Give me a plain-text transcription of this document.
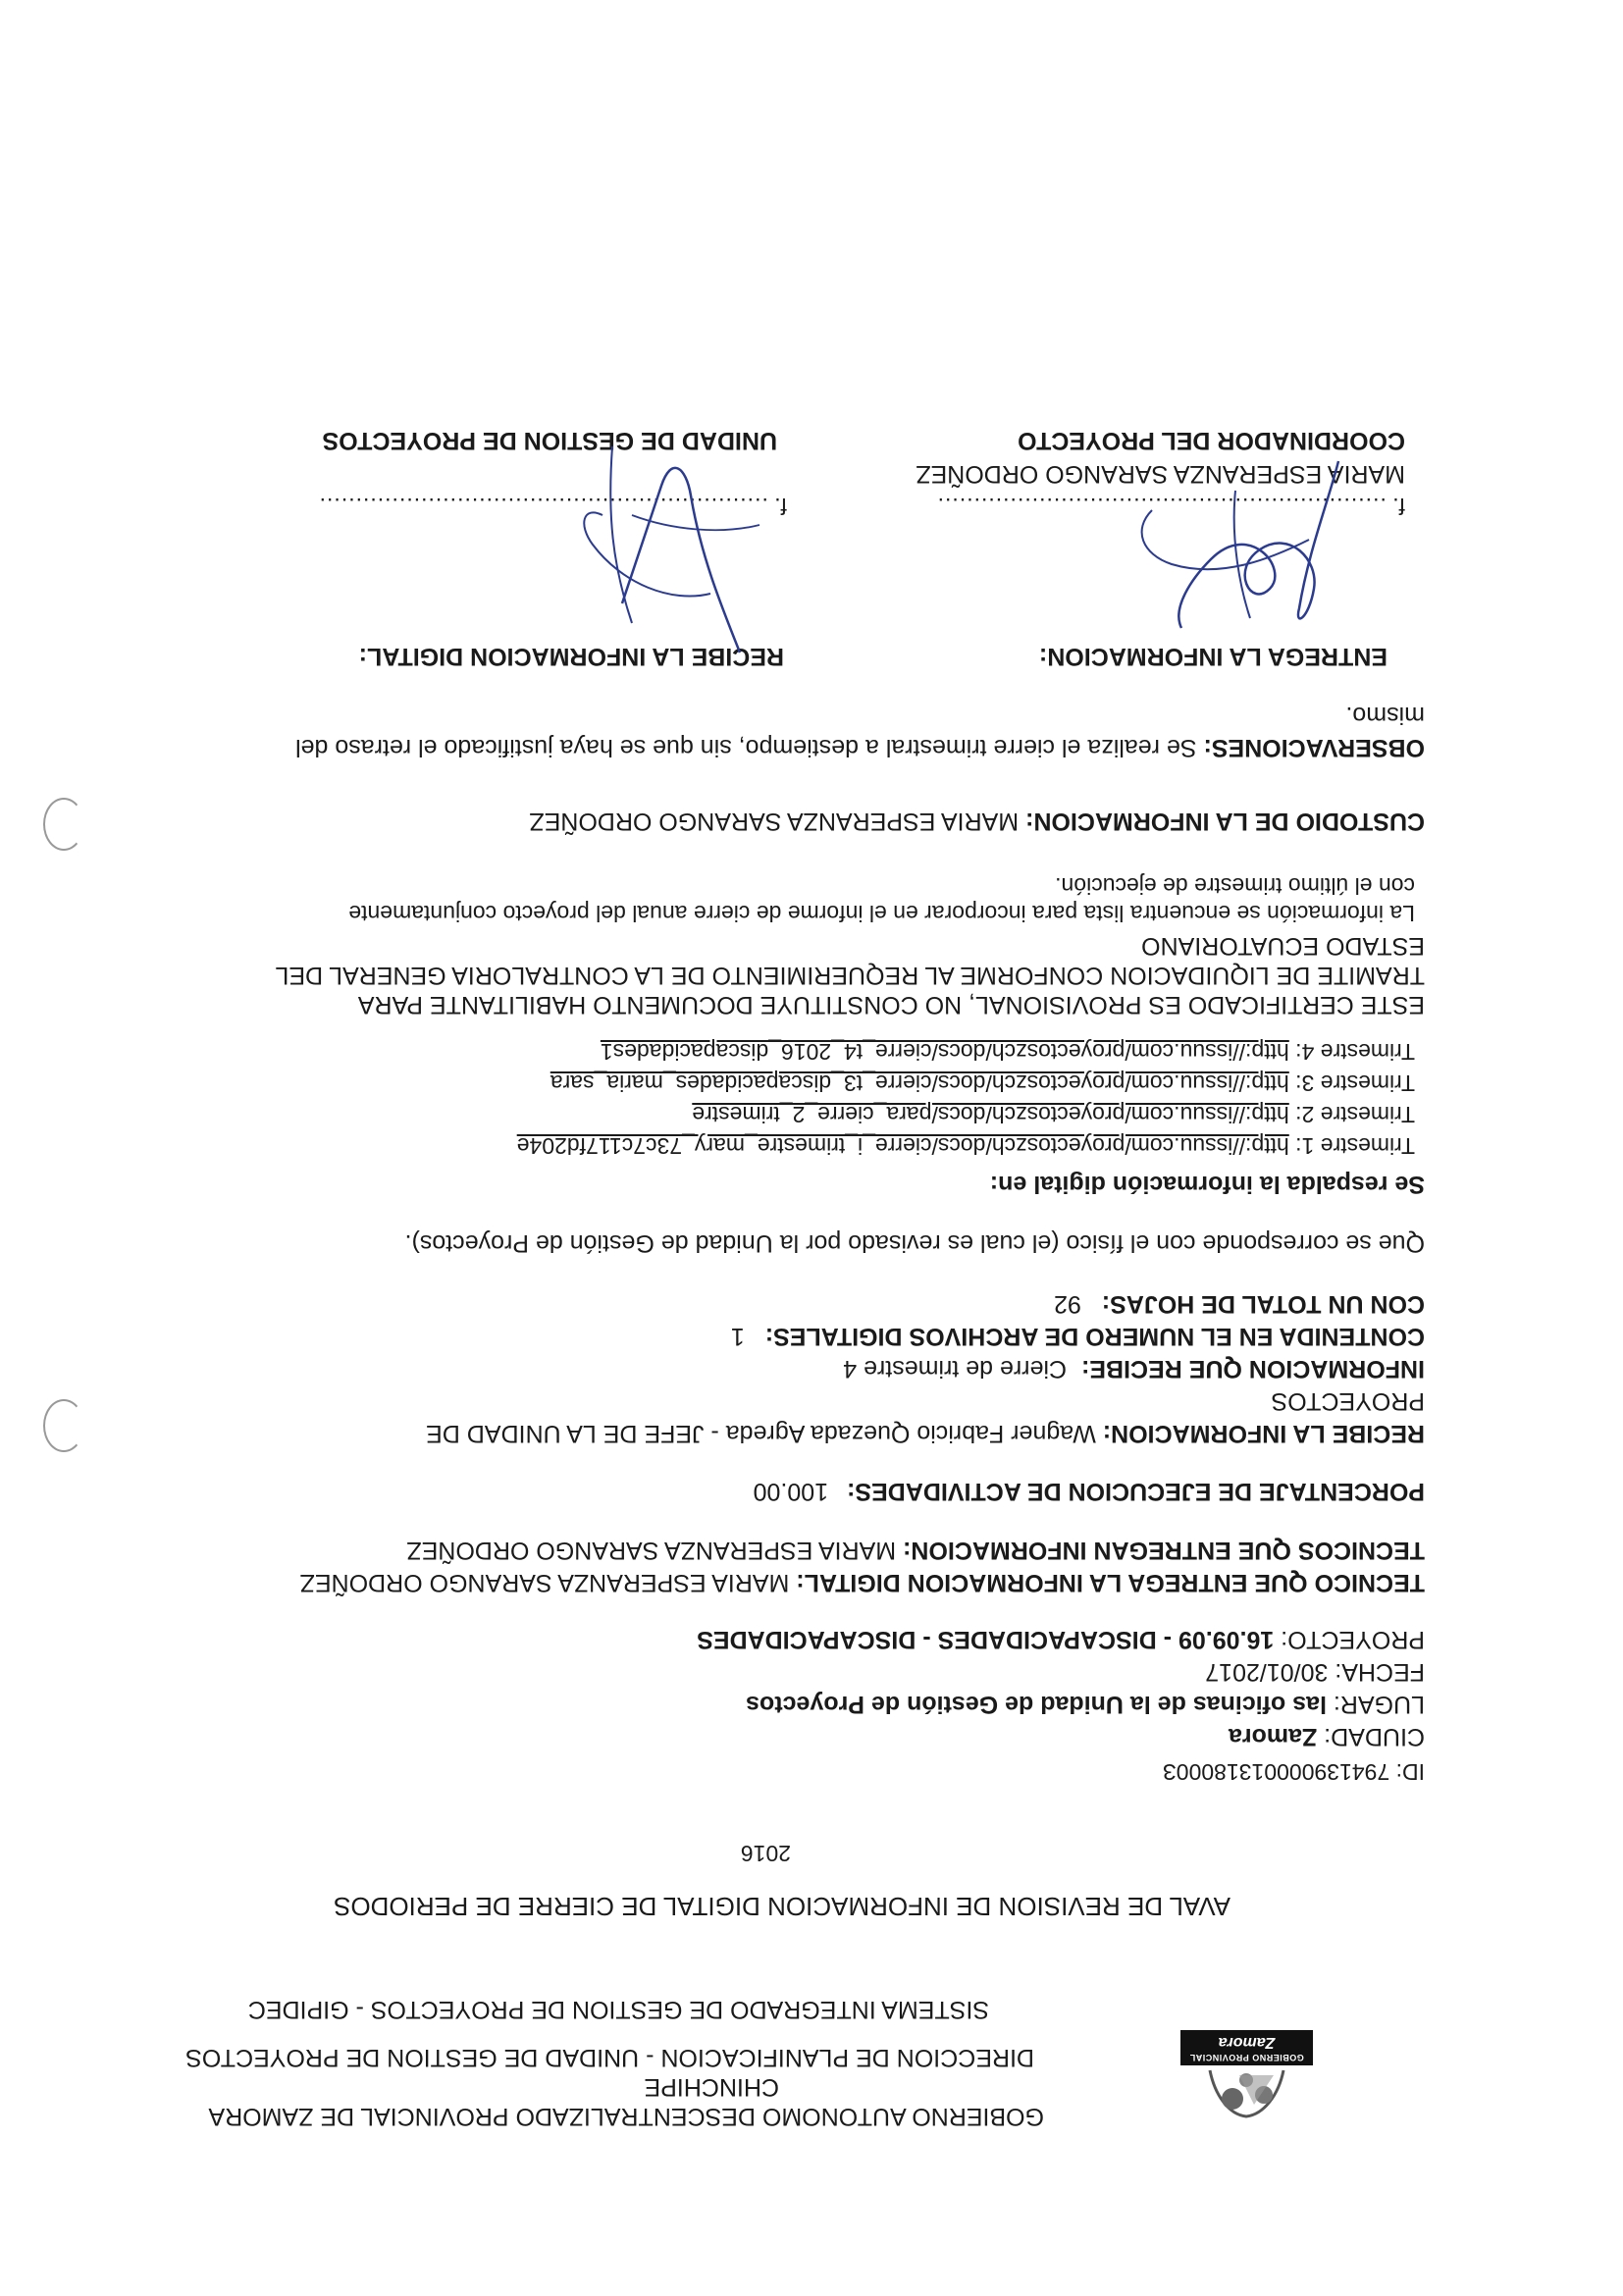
GOBIERNO PROVINCIAL
Zamora Chinchipe
GOBIERNO AUTONOMO DESCENTRALIZADO PROVINCIAL DE ZAMORA
CHINCHIPE
DIRECCION DE PLANIFICACION - UNIDAD DE GESTION DE PROYECTOS
SISTEMA INTEGRADO DE GESTION DE PROYECTOS - GIPIDEC
AVAL DE REVISION DE INFORMACION DIGITAL DE CIERRE DE PERIODOS
2016
ID: 79413900001318000З
CIUDAD: Zamora
LUGAR: las oficinas de la Unidad de Gestión de Proyectos
FECHA: 30/01/2017
PROYECTO: 16.09.09 - DISCAPACIDADES - DISCAPACIDADES
TECNICO QUE ENTREGA LA INFORMACION DIGITAL: MARIA ESPERANZA SARANGO ORDOÑEZ
TECNICOS QUE ENTREGAN INFORMACION: MARIA ESPERANZA SARANGO ORDOÑEZ
PORCENTAJE DE EJECUCION DE ACTIVIDADES: 100.00
RECIBE LA INFORMACION: Wagner Fabricio Quezada Agreda - JEFE DE LA UNIDAD DE
PROYECTOS
INFORMACION QUE RECIBE: Cierre de trimestre 4
CONTENIDA EN EL NUMERO DE ARCHIVOS DIGITALES: 1
CON UN TOTAL DE HOJAS: 92
Que se corresponde con el físico (el cual es revisado por la Unidad de Gestión de Proyectos).
Se respalda la información digital en:
Trimestre 1: http://issuu.com/proyectoszch/docs/cierre_i_trimestre_mary_73c7c117fd204e
Trimestre 2: http://issuu.com/proyectoszch/docs/para_cierre_2_trimestre
Trimestre 3: http://issuu.com/proyectoszch/docs/cierre_t3_discapacidades_maria_sara
Trimestre 4: http://issuu.com/proyectoszch/docs/cierre_t4_2016_discapacidades1
ESTE CERTIFICADO ES PROVISIONAL, NO CONSTITUYE DOCUMENTO HABILITANTE PARA
TRAMITE DE LIQUIDACION CONFORME AL REQUERIMIENTO DE LA CONTRALORIA GENERAL DEL
ESTADO ECUATORIANO
La información se encuentra lista para incorporar en el informe de cierre anual del proyecto conjuntamente
con el último trimestre de ejecución.
CUSTODIO DE LA INFORMACION: MARIA ESPERANZA SARANGO ORDOÑEZ
OBSERVACIONES: Se realiza el cierre trimestral a destiempo, sin que se haya justificado el retraso del
mismo.
ENTREGA LA INFORMACION:
RECIBE LA INFORMACION DIGITAL:
f. ..............................................................
f. ..............................................................
MARIA ESPERANZA SARANGO ORDOÑEZ
COORDINADOR DEL PROYECTO
UNIDAD DE GESTION DE PROYECTOS
